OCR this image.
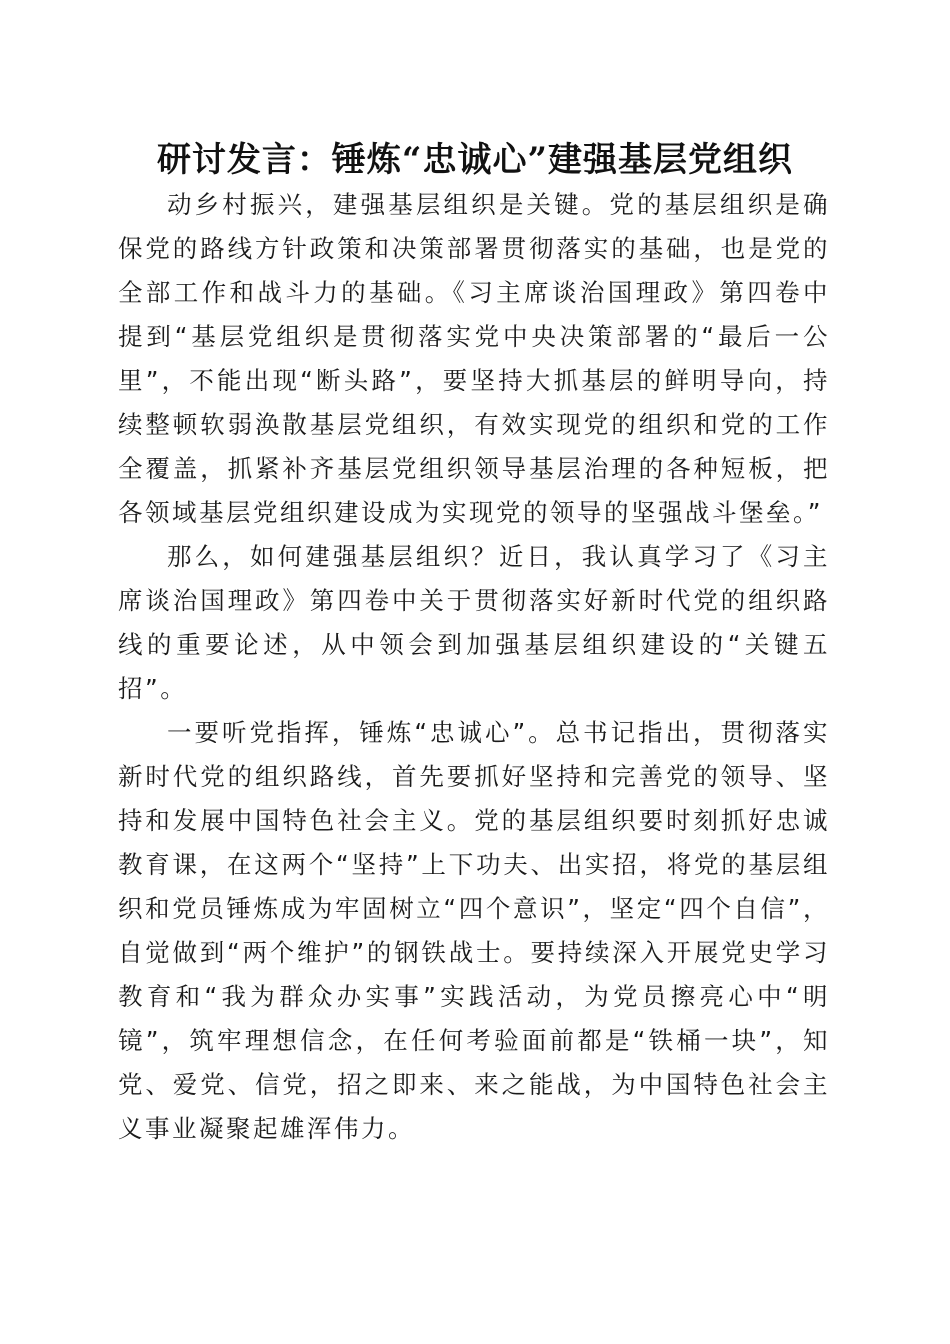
研讨发言：锤炼“忠诚心”建强基层党组织

动乡村振兴，建强基层组织是关键。党的基层组织是确保党的路线方针政策和决策部署贯彻落实的基础，也是党的全部工作和战斗力的基础。《习主席谈治国理政》第四卷中提到“基层党组织是贯彻落实党中央决策部署的“最后一公里”，不能出现“断头路”，要坚持大抓基层的鲜明导向，持续整顿软弱涣散基层党组织，有效实现党的组织和党的工作全覆盖，抓紧补齐基层党组织领导基层治理的各种短板，把各领域基层党组织建设成为实现党的领导的坚强战斗堡垒。”

那么，如何建强基层组织？近日，我认真学习了《习主席谈治国理政》第四卷中关于贯彻落实好新时代党的组织路线的重要论述，从中领会到加强基层组织建设的“关键五招”。

一要听党指挥，锤炼“忠诚心”。总书记指出，贯彻落实新时代党的组织路线，首先要抓好坚持和完善党的领导、坚持和发展中国特色社会主义。党的基层组织要时刻抓好忠诚教育课，在这两个“坚持”上下功夫、出实招，将党的基层组织和党员锤炼成为牢固树立“四个意识”，坚定“四个自信”，自觉做到“两个维护”的钢铁战士。要持续深入开展党史学习教育和“我为群众办实事”实践活动，为党员擦亮心中“明镜”，筑牢理想信念，在任何考验面前都是“铁桶一块”，知党、爱党、信党，招之即来、来之能战，为中国特色社会主义事业凝聚起雄浑伟力。
